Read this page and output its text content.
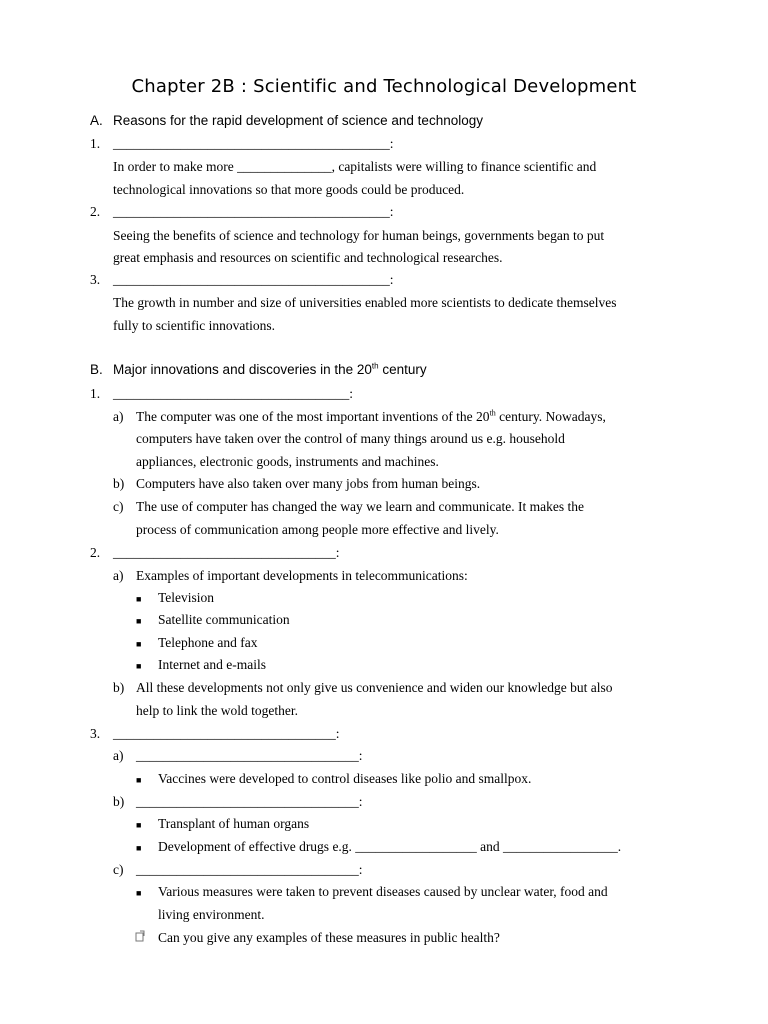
Chapter 2B : Scientific and Technological Development
A. Reasons for the rapid development of science and technology
1. _________________________________________:
In order to make more ______________, capitalists were willing to finance scientific and
technological innovations so that more goods could be produced.
2. _________________________________________:
Seeing the benefits of science and technology for human beings, governments began to put
great emphasis and resources on scientific and technological researches.
3. _________________________________________:
The growth in number and size of universities enabled more scientists to dedicate themselves
fully to scientific innovations.
B. Major innovations and discoveries in the 20th century
1. ___________________________________:
a) The computer was one of the most important inventions of the 20th century. Nowadays,
computers have taken over the control of many things around us e.g. household
appliances, electronic goods, instruments and machines.
b) Computers have also taken over many jobs from human beings.
c) The use of computer has changed the way we learn and communicate. It makes the
process of communication among people more effective and lively.
2. _________________________________:
a) Examples of important developments in telecommunications:
■
Television
■
Satellite communication
■
Telephone and fax
■
Internet and e-mails
b) All these developments not only give us convenience and widen our knowledge but also
help to link the wold together.
3. _________________________________:
a) _________________________________:
■
Vaccines were developed to control diseases like polio and smallpox.
b) _________________________________:
■
Transplant of human organs
■
Development of effective drugs e.g. __________________ and _________________.
c) _________________________________:
■
Various measures were taken to prevent diseases caused by unclear water, food and
living environment.
Can you give any examples of these measures in public health?
